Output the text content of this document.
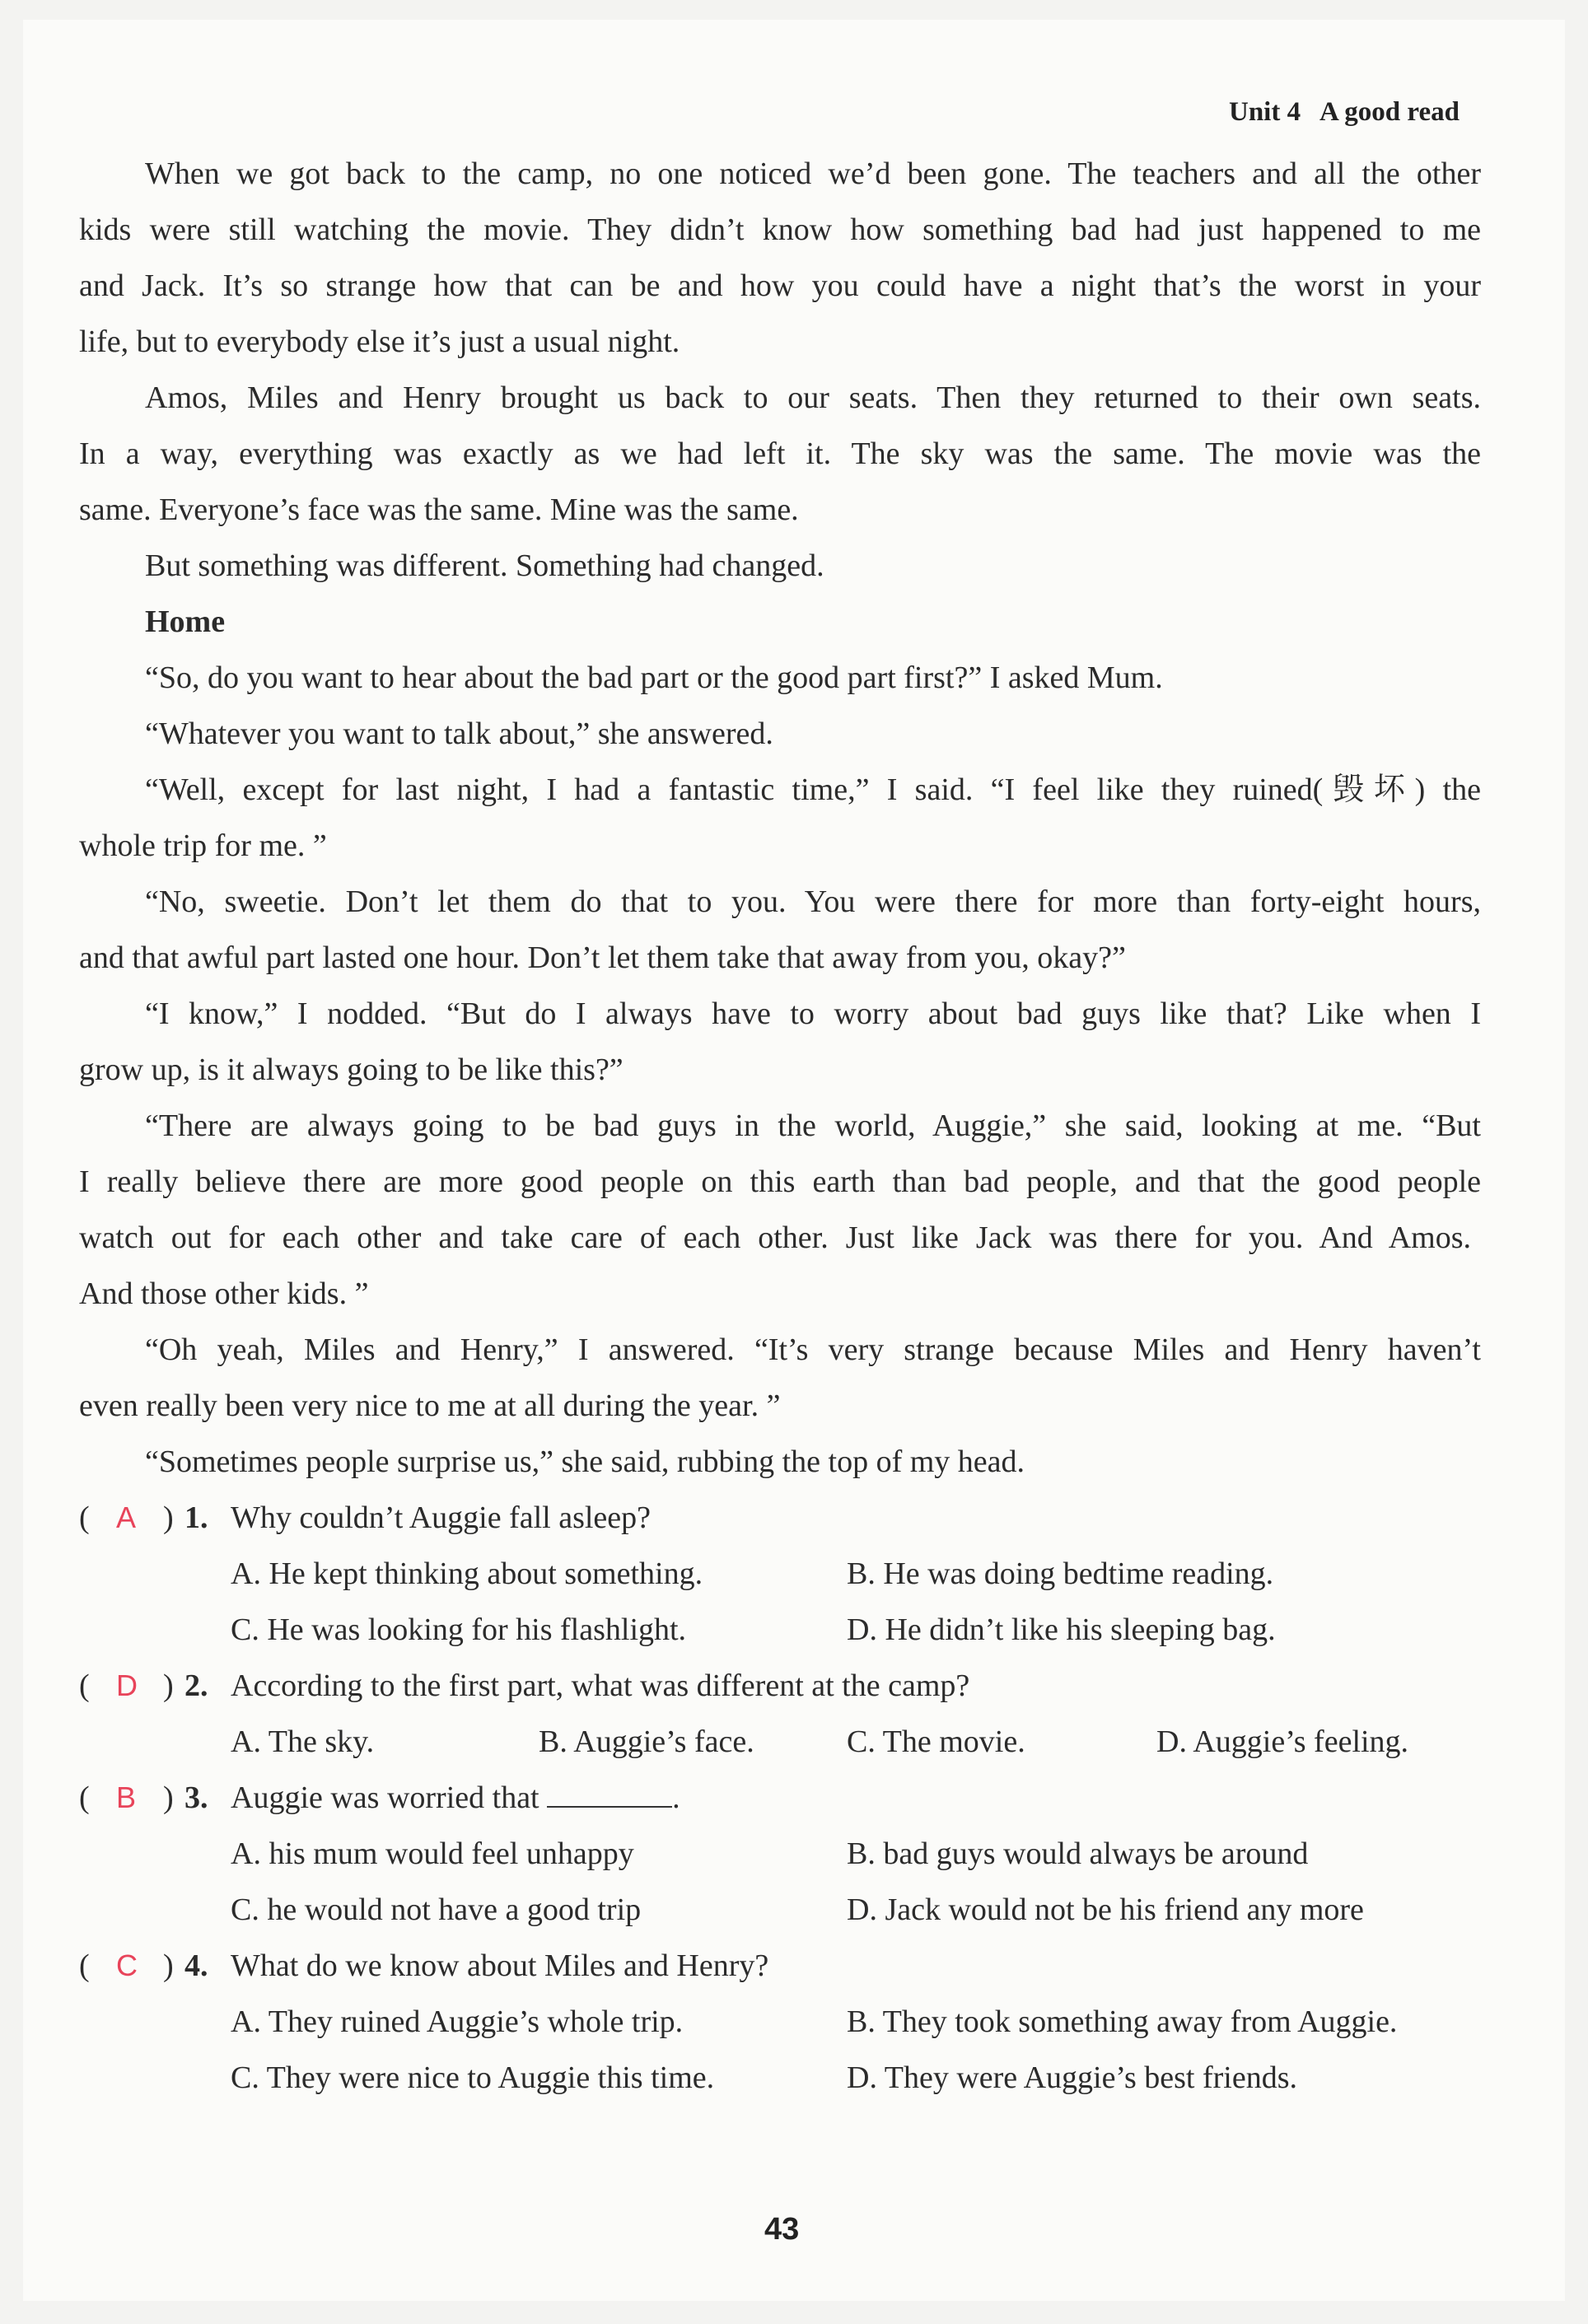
Unit 4 A good read
When we got back to the camp, no one noticed we’d been gone. The teachers and all the other
kids were still watching the movie. They didn’t know how something bad had just happened to me
and Jack. It’s so strange how that can be and how you could have a night that’s the worst in your
life, but to everybody else it’s just a usual night.
Amos, Miles and Henry brought us back to our seats. Then they returned to their own seats.
In a way, everything was exactly as we had left it. The sky was the same. The movie was the
same. Everyone’s face was the same. Mine was the same.
But something was different. Something had changed.
Home
“So, do you want to hear about the bad part or the good part first?” I asked Mum.
“Whatever you want to talk about,” she answered.
“Well, except for last night, I had a fantastic time,” I said. “I feel like they ruined(毁坏) the
whole trip for me. ”
“No, sweetie. Don’t let them do that to you. You were there for more than forty-eight hours,
and that awful part lasted one hour. Don’t let them take that away from you, okay?”
“I know,” I nodded. “But do I always have to worry about bad guys like that? Like when I
grow up, is it always going to be like this?”
“There are always going to be bad guys in the world, Auggie,” she said, looking at me. “But
I really believe there are more good people on this earth than bad people, and that the good people
watch out for each other and take care of each other. Just like Jack was there for you. And Amos.
And those other kids. ”
“Oh yeah, Miles and Henry,” I answered. “It’s very strange because Miles and Henry haven’t
even really been very nice to me at all during the year. ”
“Sometimes people surprise us,” she said, rubbing the top of my head.
( A ) 1. Why couldn’t Auggie fall asleep?
A. He kept thinking about something.	B. He was doing bedtime reading.
C. He was looking for his flashlight.	D. He didn’t like his sleeping bag.
( D ) 2. According to the first part, what was different at the camp?
A. The sky.	B. Auggie’s face.	C. The movie.	D. Auggie’s feeling.
( B ) 3. Auggie was worried that	.
A. his mum would feel unhappy	B. bad guys would always be around
C. he would not have a good trip	D. Jack would not be his friend any more
( C ) 4. What do we know about Miles and Henry?
A. They ruined Auggie’s whole trip.	B. They took something away from Auggie.
C. They were nice to Auggie this time.	D. They were Auggie’s best friends.
43
